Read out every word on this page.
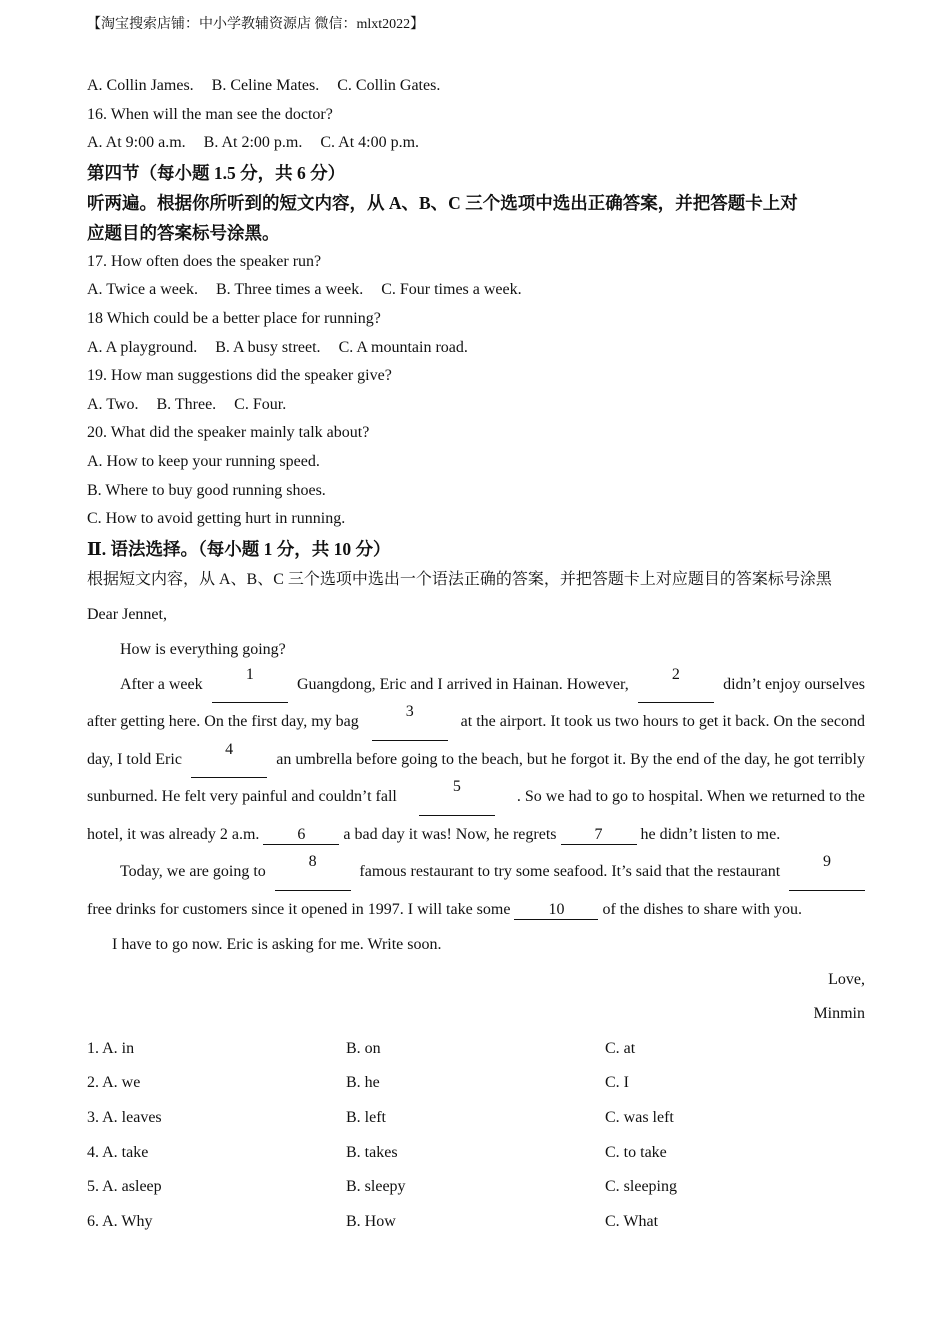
【淘宝搜索店铺：中小学教辅资源店 微信：mlxt2022】
A. Collin James. B. Celine Mates. C. Collin Gates.
16. When will the man see the doctor?
A. At 9:00 a.m. B. At 2:00 p.m. C. At 4:00 p.m.
第四节（每小题 1.5 分，共 6 分）
听两遍。根据你所听到的短文内容，从 A、B、C 三个选项中选出正确答案，并把答题卡上对
应题目的答案标号涂黑。
17. How often does the speaker run?
A. Twice a week. B. Three times a week. C. Four times a week.
18 Which could be a better place for running?
A. A playground. B. A busy street. C. A mountain road.
19. How man suggestions did the speaker give?
A. Two. B. Three. C. Four.
20. What did the speaker mainly talk about?
A. How to keep your running speed.
B. Where to buy good running shoes.
C. How to avoid getting hurt in running.
Ⅱ. 语法选择。（每小题 1 分，共 10 分）
根据短文内容，从 A、B、C 三个选项中选出一个语法正确的答案，并把答题卡上对应题目的答案标号涂黑
Dear Jennet,
How is everything going?
After a week
1
Guangdong, Eric and I arrived in Hainan. However,
2
didn’t enjoy ourselves
after getting here. On the first day, my bag
3
at the airport. It took us two hours to get it back. On the second
day, I told Eric
4
an umbrella before going to the beach, but he forgot it. By the end of the day, he got terribly
sunburned. He felt very painful and couldn’t fall
5
. So we had to go to hospital. When we returned to the
hotel, it was already 2 a.m. 6 a bad day it was! Now, he regrets 7 he didn’t listen to me.
Today, we are going to
8
famous restaurant to try some seafood. It’s said that the restaurant
9
free drinks for customers since it opened in 1997. I will take some 10 of the dishes to share with you.
I have to go now. Eric is asking for me. Write soon.
Love,
Minmin
1. A. in	B. on	C. at
2. A. we	B. he	C. I
3. A. leaves	B. left	C. was left
4. A. take	B. takes	C. to take
5. A. asleep	B. sleepy	C. sleeping
6. A. Why	B. How	C. What
